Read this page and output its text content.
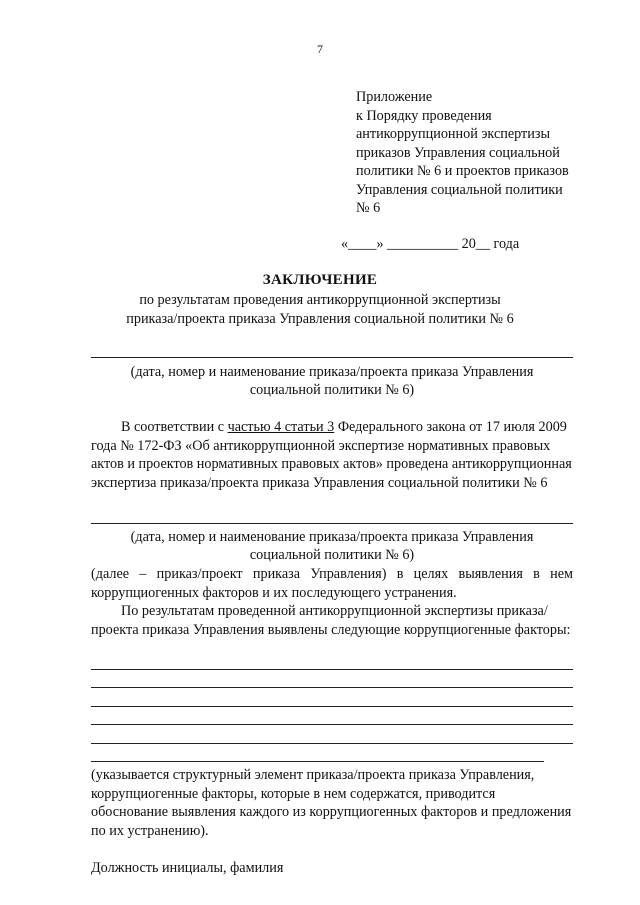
7
Приложение
к Порядку проведения
антикоррупционной экспертизы
приказов Управления социальной
политики № 6 и проектов приказов
Управления социальной политики
№ 6
«____» __________ 20__ года
ЗАКЛЮЧЕНИЕ
по результатам проведения антикоррупционной экспертизы
приказа/проекта приказа Управления социальной политики № 6
(дата, номер и наименование приказа/проекта приказа Управления
социальной политики № 6)
В соответствии с частью 4 статьи 3 Федерального закона от 17 июля 2009 года № 172-ФЗ «Об антикоррупционной экспертизе нормативных правовых актов и проектов нормативных правовых актов» проведена антикоррупционная экспертиза приказа/проекта приказа Управления социальной политики № 6
(дата, номер и наименование приказа/проекта приказа Управления
социальной политики № 6)
(далее – приказ/проект приказа Управления) в целях выявления в нем коррупциогенных факторов и их последующего устранения.
По результатам проведенной антикоррупционной экспертизы приказа/проекта приказа Управления выявлены следующие коррупциогенные факторы:
(указывается структурный элемент приказа/проекта приказа Управления, коррупциогенные факторы, которые в нем содержатся, приводится обоснование выявления каждого из коррупциогенных факторов и предложения по их устранению).
Должность инициалы, фамилия
